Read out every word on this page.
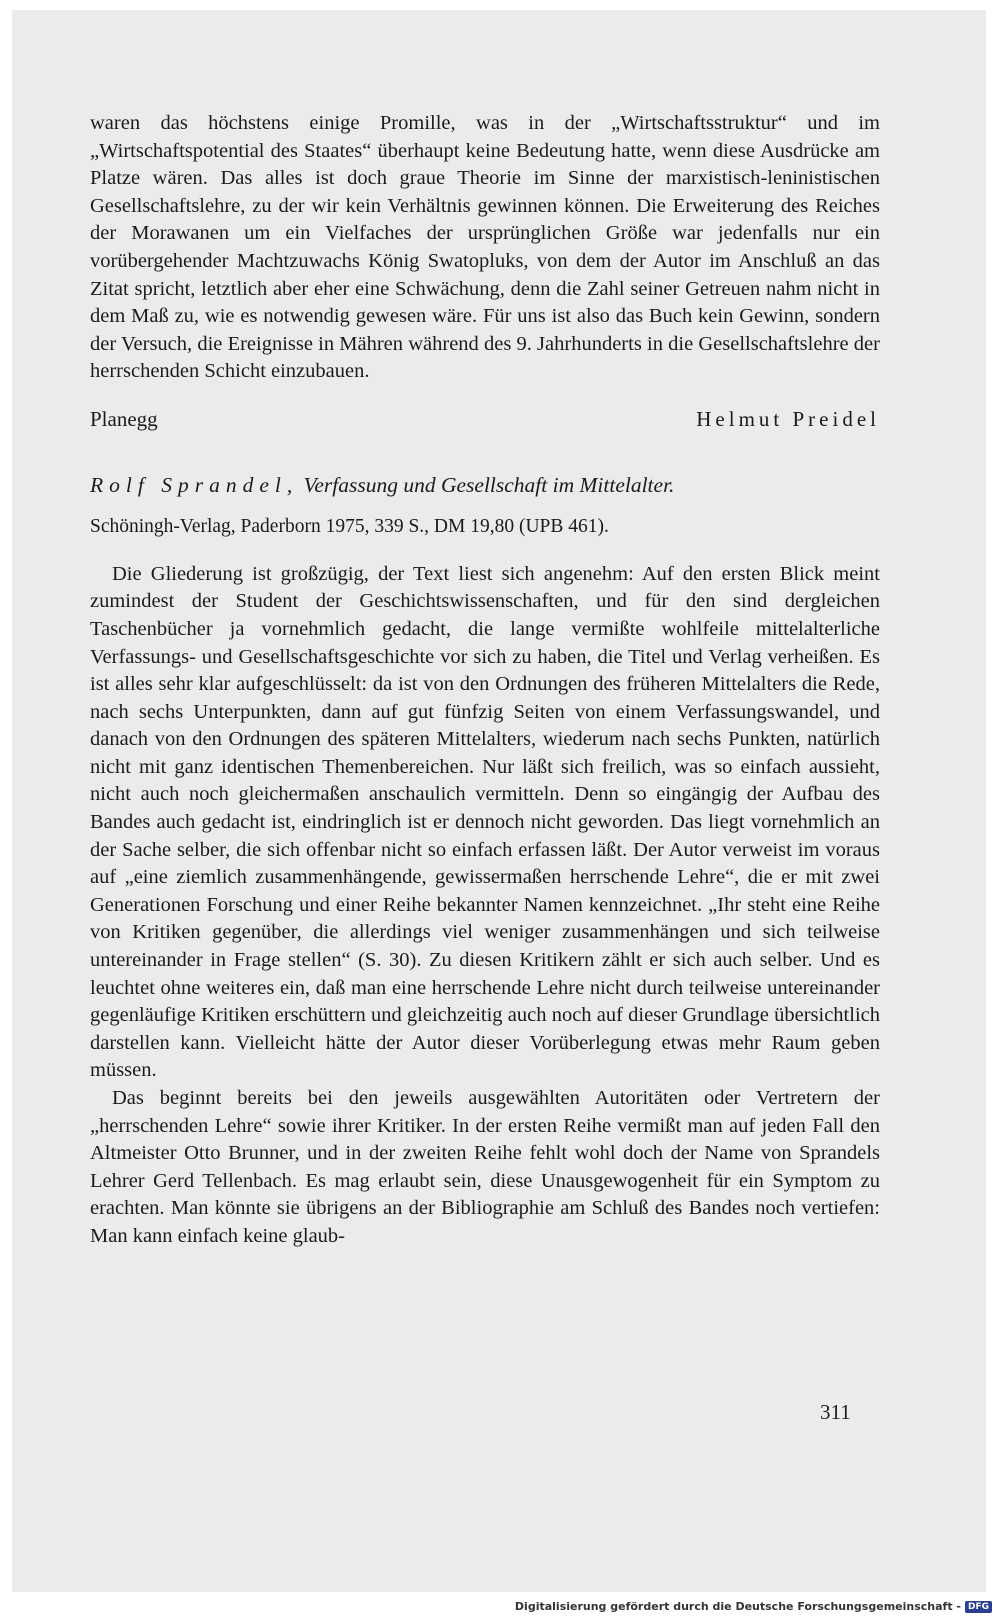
waren das höchstens einige Promille, was in der „Wirtschaftsstruktur“ und im „Wirtschaftspotential des Staates“ überhaupt keine Bedeutung hatte, wenn diese Ausdrücke am Platze wären. Das alles ist doch graue Theorie im Sinne der marxistisch-leninistischen Gesellschaftslehre, zu der wir kein Verhältnis gewinnen können. Die Erweiterung des Reiches der Morawanen um ein Vielfaches der ursprünglichen Größe war jedenfalls nur ein vorübergehender Machtzuwachs König Swatopluks, von dem der Autor im Anschluß an das Zitat spricht, letztlich aber eher eine Schwächung, denn die Zahl seiner Getreuen nahm nicht in dem Maß zu, wie es notwendig gewesen wäre. Für uns ist also das Buch kein Gewinn, sondern der Versuch, die Ereignisse in Mähren während des 9. Jahrhunderts in die Gesellschaftslehre der herrschenden Schicht einzubauen.

Planegg	Helmut Preidel
Rolf Sprandel, Verfassung und Gesellschaft im Mittelalter.
Schöningh-Verlag, Paderborn 1975, 339 S., DM 19,80 (UPB 461).

Die Gliederung ist großzügig, der Text liest sich angenehm: Auf den ersten Blick meint zumindest der Student der Geschichtswissenschaften, und für den sind dergleichen Taschenbücher ja vornehmlich gedacht, die lange vermißte wohlfeile mittelalterliche Verfassungs- und Gesellschaftsgeschichte vor sich zu haben, die Titel und Verlag verheißen. Es ist alles sehr klar aufgeschlüsselt: da ist von den Ordnungen des früheren Mittelalters die Rede, nach sechs Unterpunkten, dann auf gut fünfzig Seiten von einem Verfassungswandel, und danach von den Ordnungen des späteren Mittelalters, wiederum nach sechs Punkten, natürlich nicht mit ganz identischen Themenbereichen. Nur läßt sich freilich, was so einfach aussieht, nicht auch noch gleichermaßen anschaulich vermitteln. Denn so eingängig der Aufbau des Bandes auch gedacht ist, eindringlich ist er dennoch nicht geworden. Das liegt vornehmlich an der Sache selber, die sich offenbar nicht so einfach erfassen läßt. Der Autor verweist im voraus auf „eine ziemlich zusammenhängende, gewissermaßen herrschende Lehre“, die er mit zwei Generationen Forschung und einer Reihe bekannter Namen kennzeichnet. „Ihr steht eine Reihe von Kritiken gegenüber, die allerdings viel weniger zusammenhängen und sich teilweise untereinander in Frage stellen“ (S. 30). Zu diesen Kritikern zählt er sich auch selber. Und es leuchtet ohne weiteres ein, daß man eine herrschende Lehre nicht durch teilweise untereinander gegenläufige Kritiken erschüttern und gleichzeitig auch noch auf dieser Grundlage übersichtlich darstellen kann. Vielleicht hätte der Autor dieser Vorüberlegung etwas mehr Raum geben müssen.

Das beginnt bereits bei den jeweils ausgewählten Autoritäten oder Vertretern der „herrschenden Lehre“ sowie ihrer Kritiker. In der ersten Reihe vermißt man auf jeden Fall den Altmeister Otto Brunner, und in der zweiten Reihe fehlt wohl doch der Name von Sprandels Lehrer Gerd Tellenbach. Es mag erlaubt sein, diese Unausgewogenheit für ein Symptom zu erachten. Man könnte sie übrigens an der Bibliographie am Schluß des Bandes noch vertiefen: Man kann einfach keine glaub-

311
Digitalisierung gefördert durch die Deutsche Forschungsgemeinschaft - DFG
